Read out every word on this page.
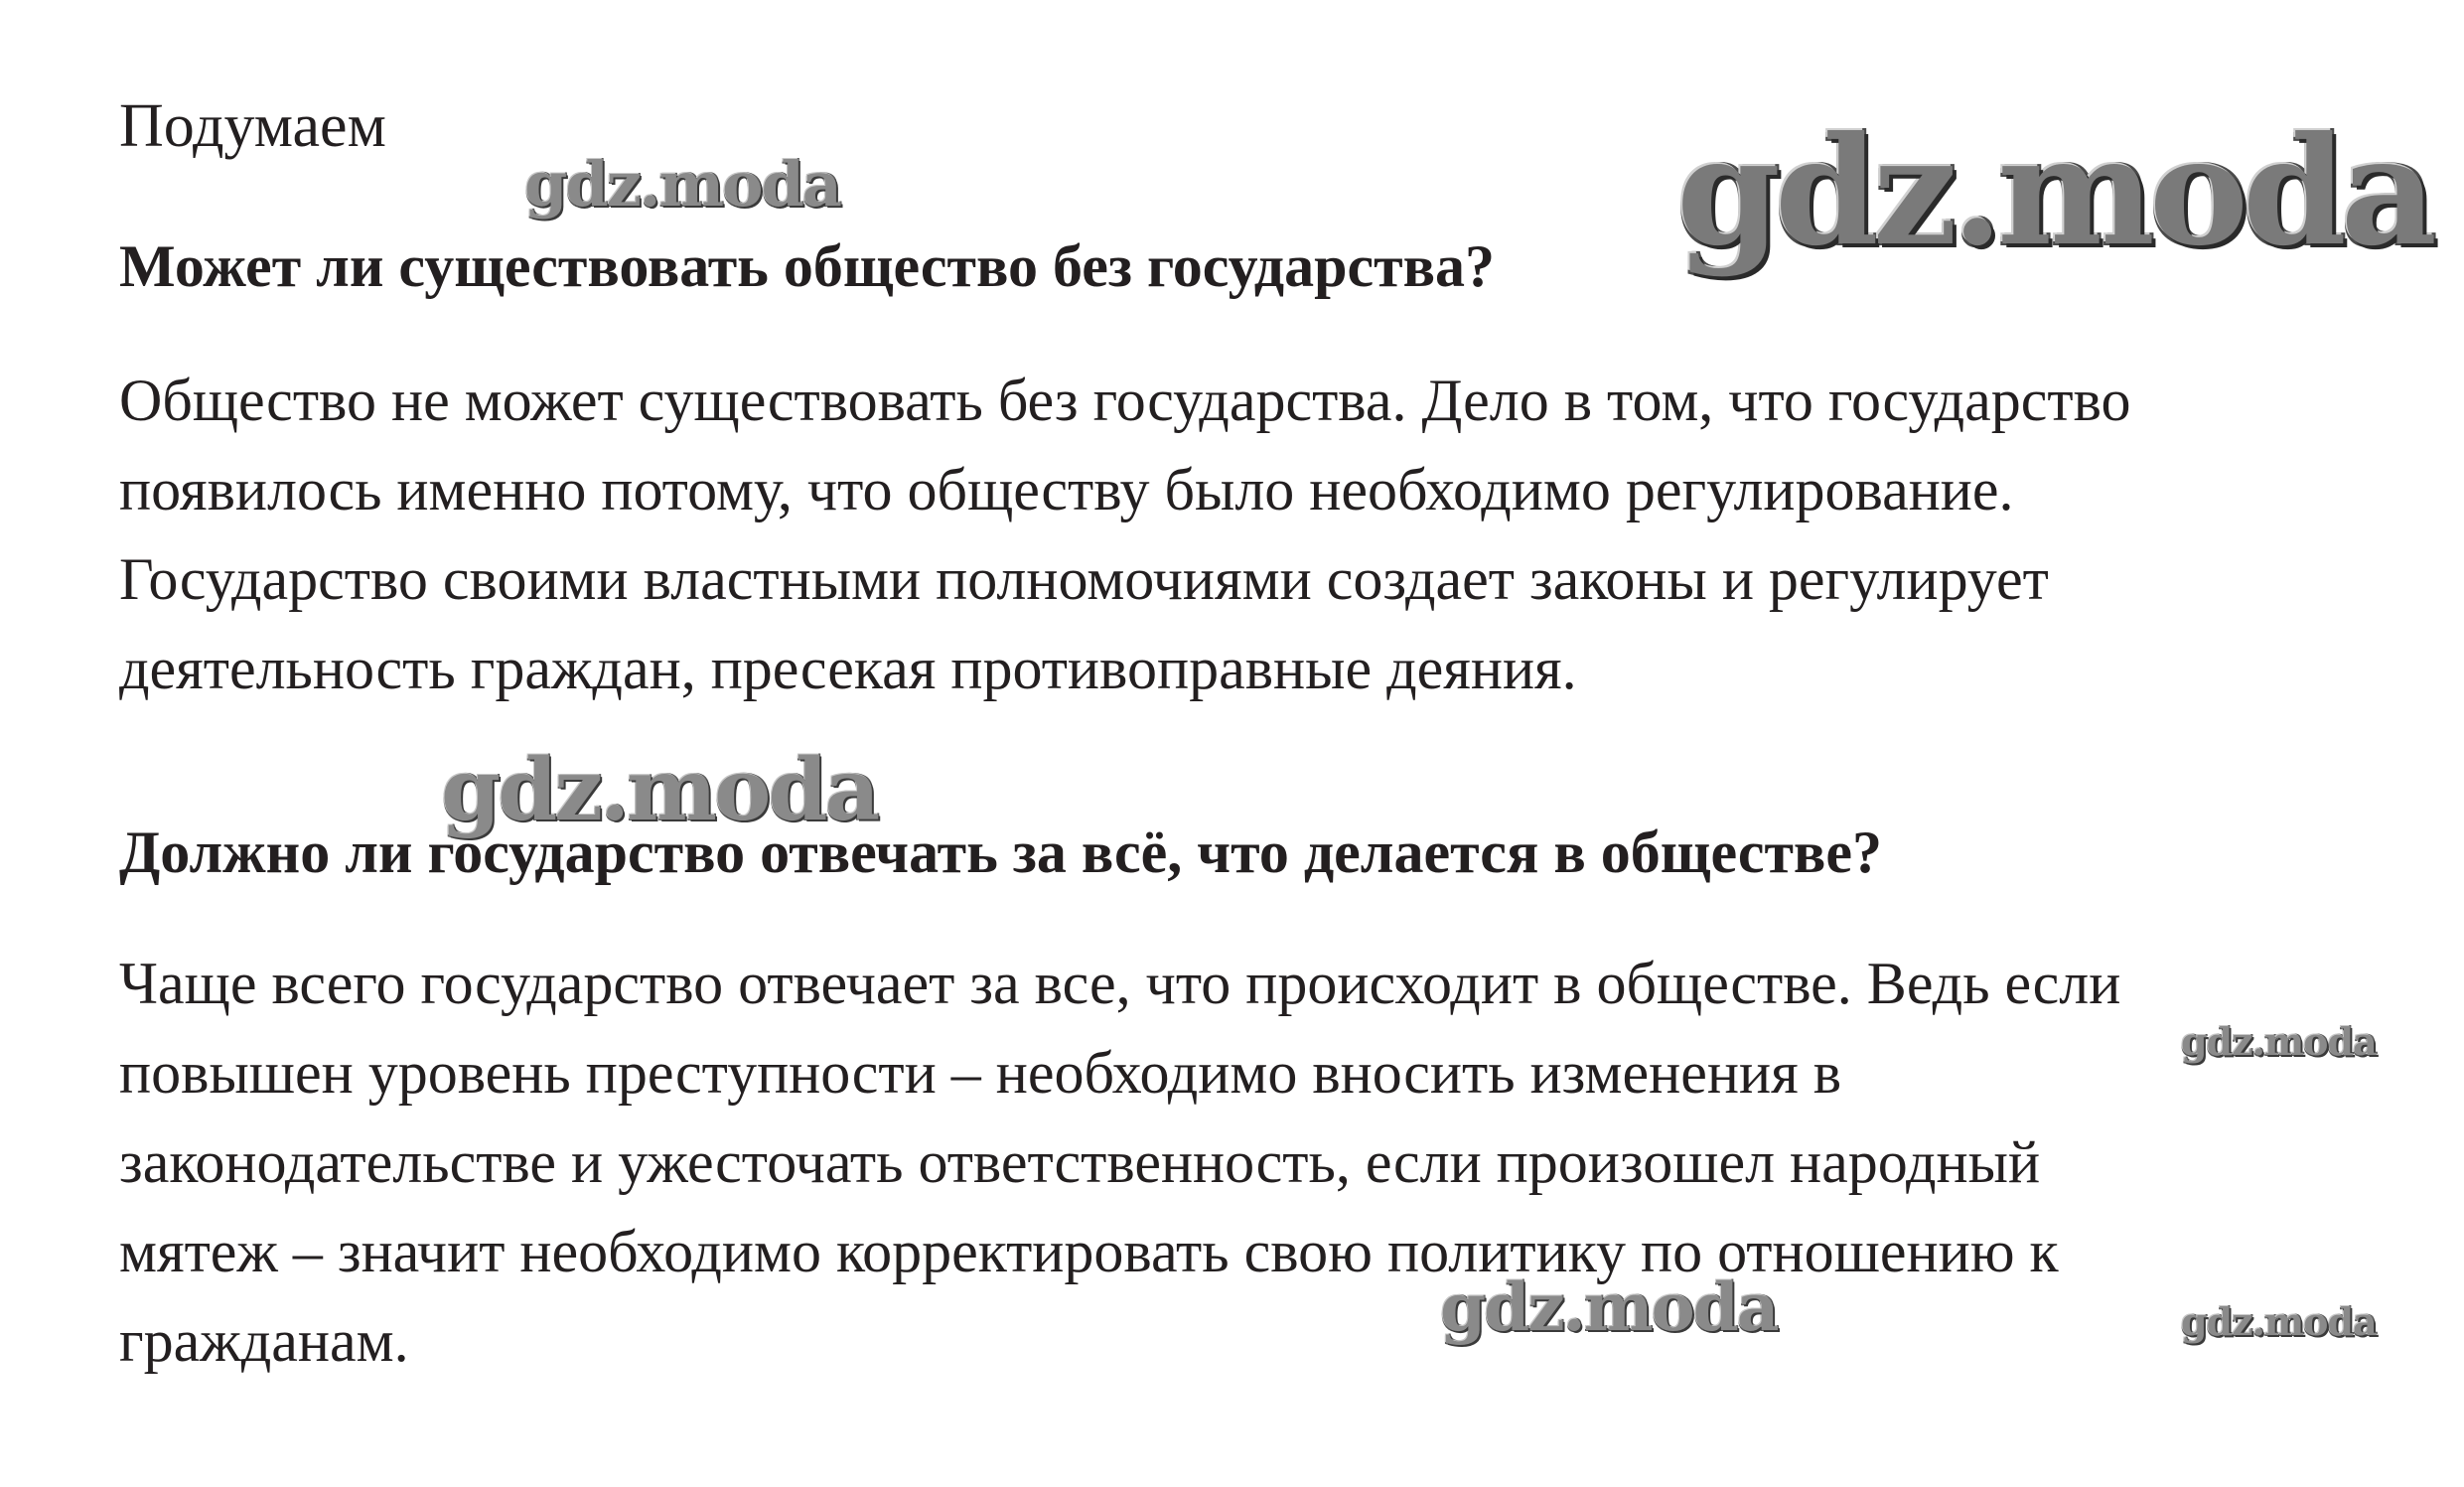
Подумаем
gdz.moda	gdz.moda
Может ли существовать общество без государства?
Общество не может существовать без государства. Дело в том, что государство
появилось именно потому, что обществу было необходимо регулирование.
Государство своими властными полномочиями создает законы и регулирует
деятельность граждан, пресекая противоправные деяния.
gdz.moda
Должно ли государство отвечать за всё, что делается в обществе?
Чаще всего государство отвечает за все, что происходит в обществе. Ведь если
повышен уровень преступности – необходимо вносить изменения в
законодательстве и ужесточать ответственность, если произошел народный
мятеж – значит необходимо корректировать свою политику по отношению к
гражданам.
gdz.moda
gdz.moda	gdz.moda
